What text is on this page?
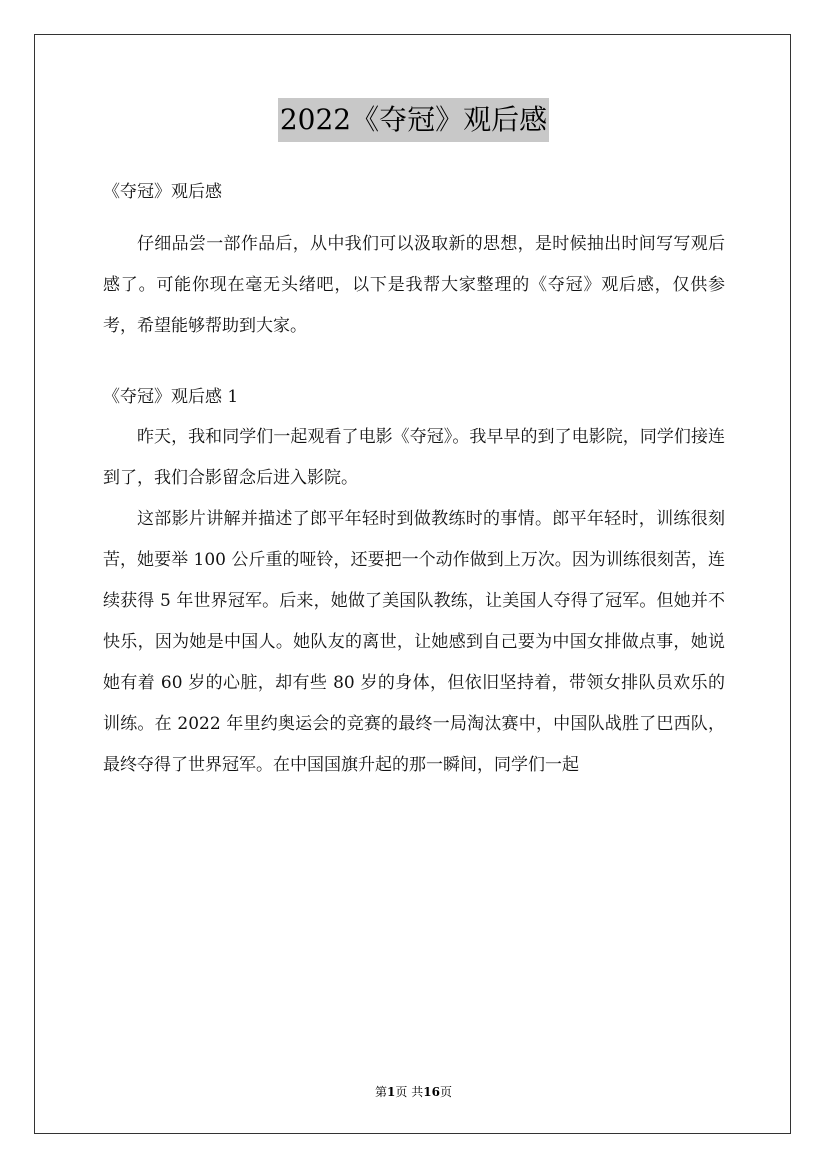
2022《夺冠》观后感

《夺冠》观后感

仔细品尝一部作品后，从中我们可以汲取新的思想，是时候抽出时间写写观后感了。可能你现在毫无头绪吧，以下是我帮大家整理的《夺冠》观后感，仅供参考，希望能够帮助到大家。

《夺冠》观后感 1

昨天，我和同学们一起观看了电影《夺冠》。我早早的到了电影院，同学们接连到了，我们合影留念后进入影院。

这部影片讲解并描述了郎平年轻时到做教练时的事情。郎平年轻时，训练很刻苦，她要举 100 公斤重的哑铃，还要把一个动作做到上万次。因为训练很刻苦，连续获得 5 年世界冠军。后来，她做了美国队教练，让美国人夺得了冠军。但她并不快乐，因为她是中国人。她队友的离世，让她感到自己要为中国女排做点事，她说她有着 60 岁的心脏，却有些 80 岁的身体，但依旧坚持着，带领女排队员欢乐的训练。在 2022 年里约奥运会的竞赛的最终一局淘汰赛中，中国队战胜了巴西队，最终夺得了世界冠军。在中国国旗升起的那一瞬间，同学们一起

第1页 共16页
